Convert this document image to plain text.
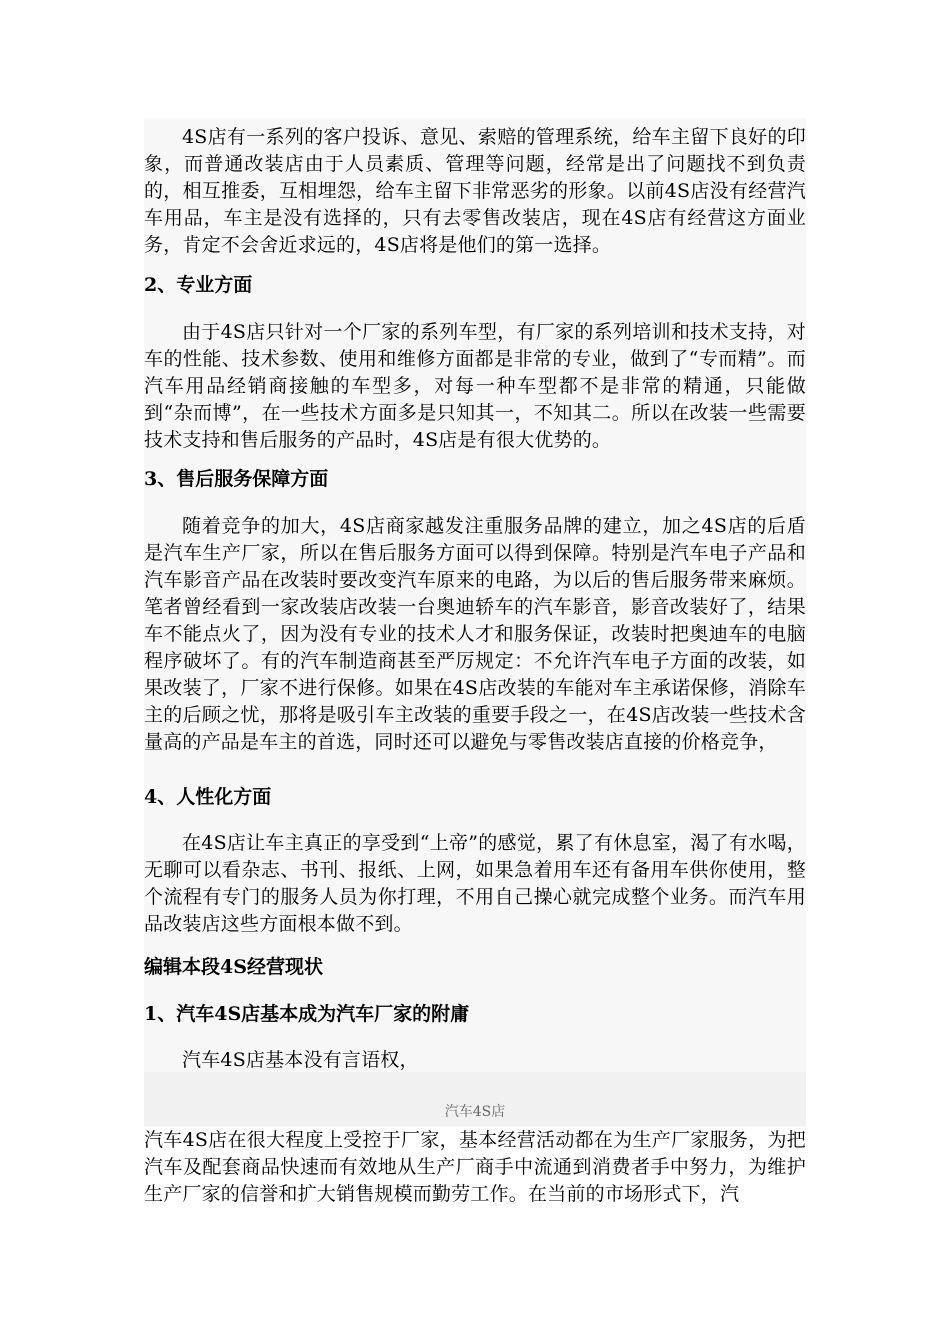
4S店有一系列的客户投诉、意见、索赔的管理系统，给车主留下良好的印象，而普通改装店由于人员素质、管理等问题，经常是出了问题找不到负责的，相互推委，互相埋怨，给车主留下非常恶劣的形象。以前4S店没有经营汽车用品，车主是没有选择的，只有去零售改装店，现在4S店有经营这方面业务，肯定不会舍近求远的，4S店将是他们的第一选择。

2、专业方面

由于4S店只针对一个厂家的系列车型，有厂家的系列培训和技术支持，对车的性能、技术参数、使用和维修方面都是非常的专业，做到了“专而精”。而汽车用品经销商接触的车型多，对每一种车型都不是非常的精通，只能做到“杂而博”，在一些技术方面多是只知其一，不知其二。所以在改装一些需要技术支持和售后服务的产品时，4S店是有很大优势的。

3、售后服务保障方面

随着竞争的加大，4S店商家越发注重服务品牌的建立，加之4S店的后盾是汽车生产厂家，所以在售后服务方面可以得到保障。特别是汽车电子产品和汽车影音产品在改装时要改变汽车原来的电路，为以后的售后服务带来麻烦。笔者曾经看到一家改装店改装一台奥迪轿车的汽车影音，影音改装好了，结果车不能点火了，因为没有专业的技术人才和服务保证，改装时把奥迪车的电脑程序破坏了。有的汽车制造商甚至严厉规定：不允许汽车电子方面的改装，如果改装了，厂家不进行保修。如果在4S店改装的车能对车主承诺保修，消除车主的后顾之忧，那将是吸引车主改装的重要手段之一，在4S店改装一些技术含量高的产品是车主的首选，同时还可以避免与零售改装店直接的价格竞争，

4、人性化方面

在4S店让车主真正的享受到“上帝”的感觉，累了有休息室，渴了有水喝，无聊可以看杂志、书刊、报纸、上网，如果急着用车还有备用车供你使用，整个流程有专门的服务人员为你打理，不用自己操心就完成整个业务。而汽车用品改装店这些方面根本做不到。

编辑本段4S经营现状

1、汽车4S店基本成为汽车厂家的附庸

汽车4S店基本没有言语权，

汽车4S店

汽车4S店在很大程度上受控于厂家，基本经营活动都在为生产厂家服务，为把汽车及配套商品快速而有效地从生产厂商手中流通到消费者手中努力，为维护生产厂家的信誉和扩大销售规模而勤劳工作。在当前的市场形式下，汽
